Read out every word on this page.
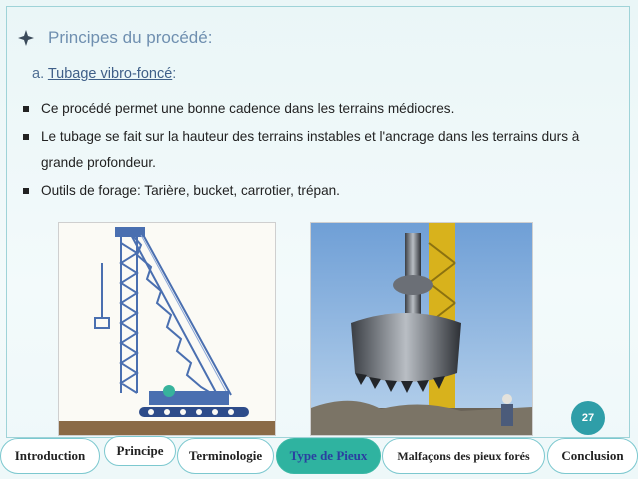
Principes du procédé:
a. Tubage vibro-foncé:
Ce procédé permet une bonne cadence dans les terrains médiocres.
Le tubage se fait sur la hauteur des terrains instables et l'ancrage dans les terrains durs à grande profondeur.
Outils de forage: Tarière, bucket, carrotier, trépan.
27
Introduction	Principe	Terminologie	Type de Pieux	Malfaçons des pieux forés	Conclusion
